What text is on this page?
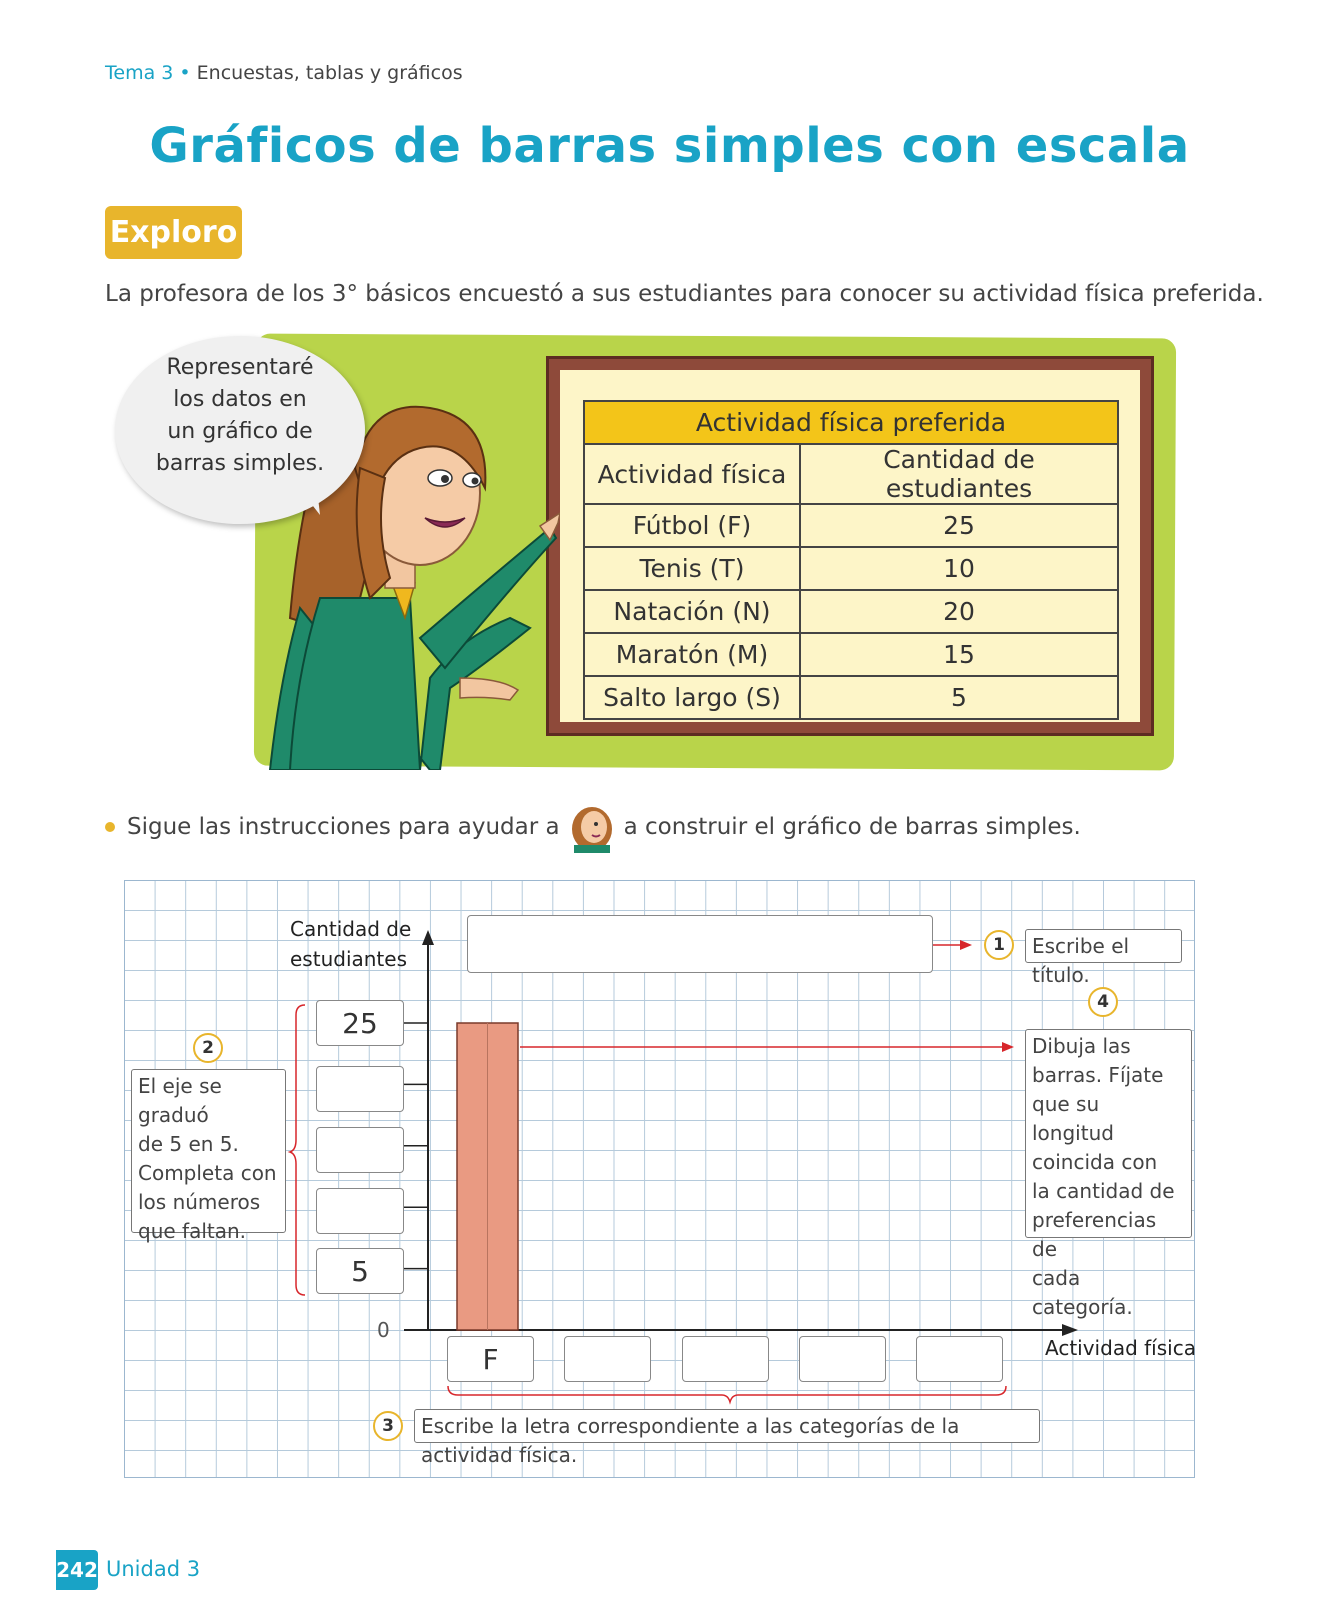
Tema 3 • Encuestas, tablas y gráficos
Gráficos de barras simples con escala
Exploro
La profesora de los 3° básicos encuestó a sus estudiantes para conocer su actividad física preferida.
Actividad física preferida	
Actividad física	Cantidad de estudiantes
Fútbol (F)	25
Tenis (T)	10
Natación (N)	20
Maratón (M)	15
Salto largo (S)	5
Representaré
los datos en
un gráfico de
barras simples.
Sigue las instrucciones para ayudar a	a construir el gráfico de barras simples.
Cantidad de estudiantes
25
5
0
F	Actividad física
1	Escribe el título.
2
El eje se graduó
de 5 en 5.
Completa con
los números
que faltan.
3	Escribe la letra correspondiente a las categorías de la actividad física.
4
Dibuja las
barras. Fíjate
que su longitud
coincida con
la cantidad de
preferencias de
cada categoría.
242 Unidad 3
